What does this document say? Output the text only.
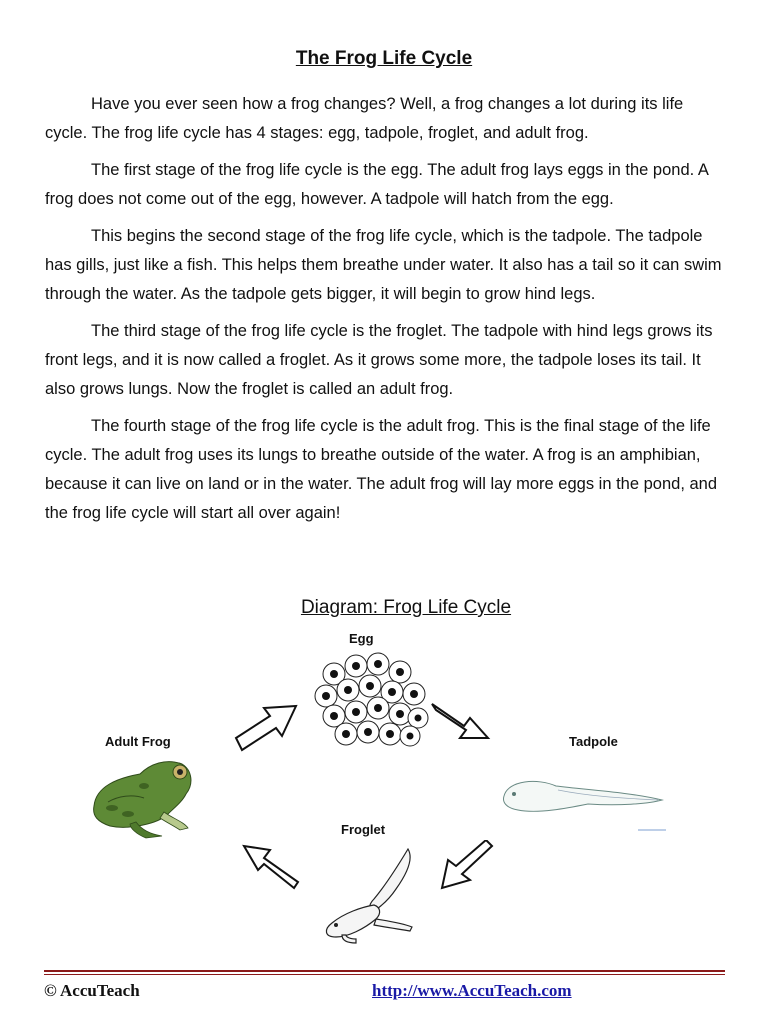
The Frog Life Cycle

Have you ever seen how a frog changes? Well, a frog changes a lot during its life cycle. The frog life cycle has 4 stages: egg, tadpole, froglet, and adult frog.

The first stage of the frog life cycle is the egg. The adult frog lays eggs in the pond. A frog does not come out of the egg, however. A tadpole will hatch from the egg.

This begins the second stage of the frog life cycle, which is the tadpole. The tadpole has gills, just like a fish. This helps them breathe under water. It also has a tail so it can swim through the water. As the tadpole gets bigger, it will begin to grow hind legs.

The third stage of the frog life cycle is the froglet. The tadpole with hind legs grows its front legs, and it is now called a froglet. As it grows some more, the tadpole loses its tail. It also grows lungs. Now the froglet is called an adult frog.

The fourth stage of the frog life cycle is the adult frog. This is the final stage of the life cycle. The adult frog uses its lungs to breathe outside of the water. A frog is an amphibian, because it can live on land or in the water. The adult frog will lay more eggs in the pond, and the frog life cycle will start all over again!

Diagram: Frog Life Cycle
Egg
Tadpole
Froglet
Adult Frog
© AccuTeach	http://www.AccuTeach.com
